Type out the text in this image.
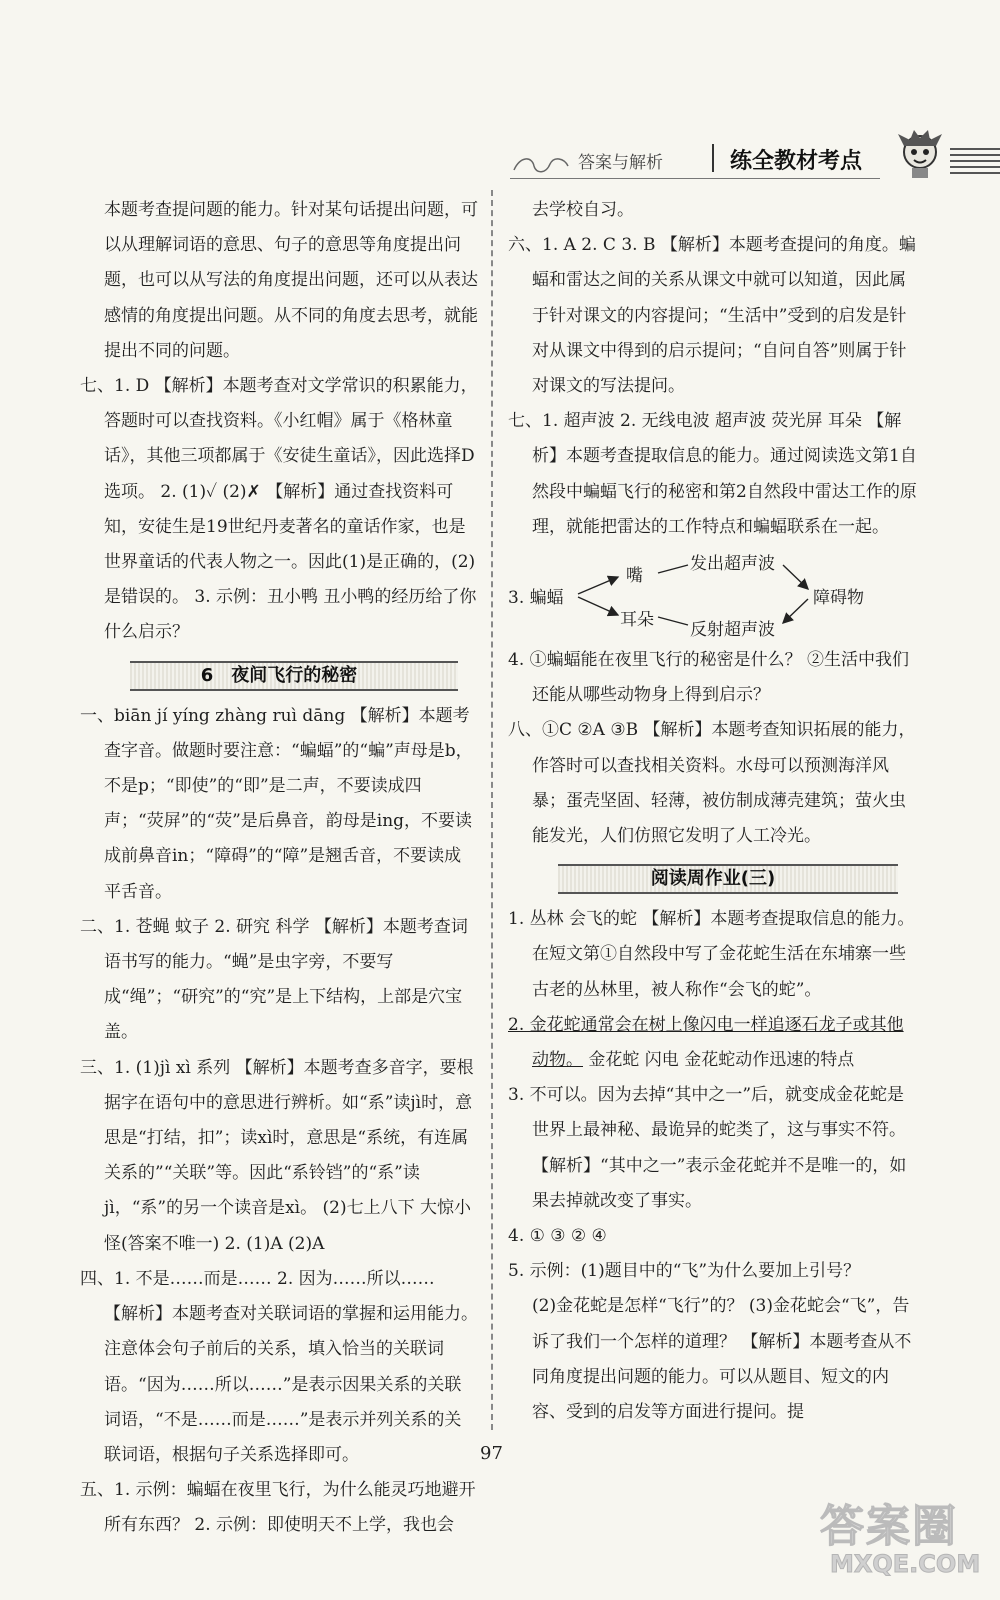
答案与解析	练全教材考点

本题考查提问题的能力。针对某句话提出问题，可以从理解词语的意思、句子的意思等角度提出问题，也可以从写法的角度提出问题，还可以从表达感情的角度提出问题。从不同的角度去思考，就能提出不同的问题。

七、1. D 【解析】本题考查对文学常识的积累能力，答题时可以查找资料。《小红帽》属于《格林童话》，其他三项都属于《安徒生童话》，因此选择D选项。 2. (1)✓ (2)✗ 【解析】通过查找资料可知，安徒生是19世纪丹麦著名的童话作家，也是世界童话的代表人物之一。因此(1)是正确的，(2)是错误的。 3. 示例：丑小鸭 丑小鸭的经历给了你什么启示？

6　夜间飞行的秘密

一、biān jí yíng zhàng ruì dāng 【解析】本题考查字音。做题时要注意：“蝙蝠”的“蝙”声母是b，不是p；“即使”的“即”是二声，不要读成四声；“荧屏”的“荧”是后鼻音，韵母是ing，不要读成前鼻音in；“障碍”的“障”是翘舌音，不要读成平舌音。

二、1. 苍蝇 蚊子 2. 研究 科学 【解析】本题考查词语书写的能力。“蝇”是虫字旁，不要写成“绳”；“研究”的“究”是上下结构，上部是穴宝盖。

三、1. (1)jì xì 系列 【解析】本题考查多音字，要根据字在语句中的意思进行辨析。如“系”读jì时，意思是“打结，扣”；读xì时，意思是“系统，有连属关系的”“关联”等。因此“系铃铛”的“系”读jì，“系”的另一个读音是xì。 (2)七上八下 大惊小怪(答案不唯一) 2. (1)A (2)A

四、1. 不是……而是…… 2. 因为……所以……

【解析】本题考查对关联词语的掌握和运用能力。注意体会句子前后的关系，填入恰当的关联词语。“因为……所以……”是表示因果关系的关联词语，“不是……而是……”是表示并列关系的关联词语，根据句子关系选择即可。

五、1. 示例：蝙蝠在夜里飞行，为什么能灵巧地避开所有东西？ 2. 示例：即使明天不上学，我也会

去学校自习。

六、1. A 2. C 3. B 【解析】本题考查提问的角度。蝙蝠和雷达之间的关系从课文中就可以知道，因此属于针对课文的内容提问；“生活中”受到的启发是针对从课文中得到的启示提问；“自问自答”则属于针对课文的写法提问。

七、1. 超声波 2. 无线电波 超声波 荧光屏 耳朵 【解析】本题考查提取信息的能力。通过阅读选文第1自然段中蝙蝠飞行的秘密和第2自然段中雷达工作的原理，就能把雷达的工作特点和蝙蝠联系在一起。

3. 蝙蝠
嘴
耳朵
发出超声波
反射超声波
障碍物

4. ①蝙蝠能在夜里飞行的秘密是什么？ ②生活中我们还能从哪些动物身上得到启示？

八、①C ②A ③B 【解析】本题考查知识拓展的能力，作答时可以查找相关资料。水母可以预测海洋风暴；蛋壳坚固、轻薄，被仿制成薄壳建筑；萤火虫能发光，人们仿照它发明了人工冷光。

阅读周作业(三)

1. 丛林 会飞的蛇 【解析】本题考查提取信息的能力。在短文第①自然段中写了金花蛇生活在东埔寨一些古老的丛林里，被人称作“会飞的蛇”。

2. 金花蛇通常会在树上像闪电一样追逐石龙子或其他动物。 金花蛇 闪电 金花蛇动作迅速的特点

3. 不可以。因为去掉“其中之一”后，就变成金花蛇是世界上最神秘、最诡异的蛇类了，这与事实不符。 【解析】“其中之一”表示金花蛇并不是唯一的，如果去掉就改变了事实。

4. ① ③ ② ④

5. 示例：(1)题目中的“飞”为什么要加上引号？

(2)金花蛇是怎样“飞行”的？ (3)金花蛇会“飞”，告诉了我们一个怎样的道理？ 【解析】本题考查从不同角度提出问题的能力。可以从题目、短文的内容、受到的启发等方面进行提问。提

97
答案圈
MXQE.COM
